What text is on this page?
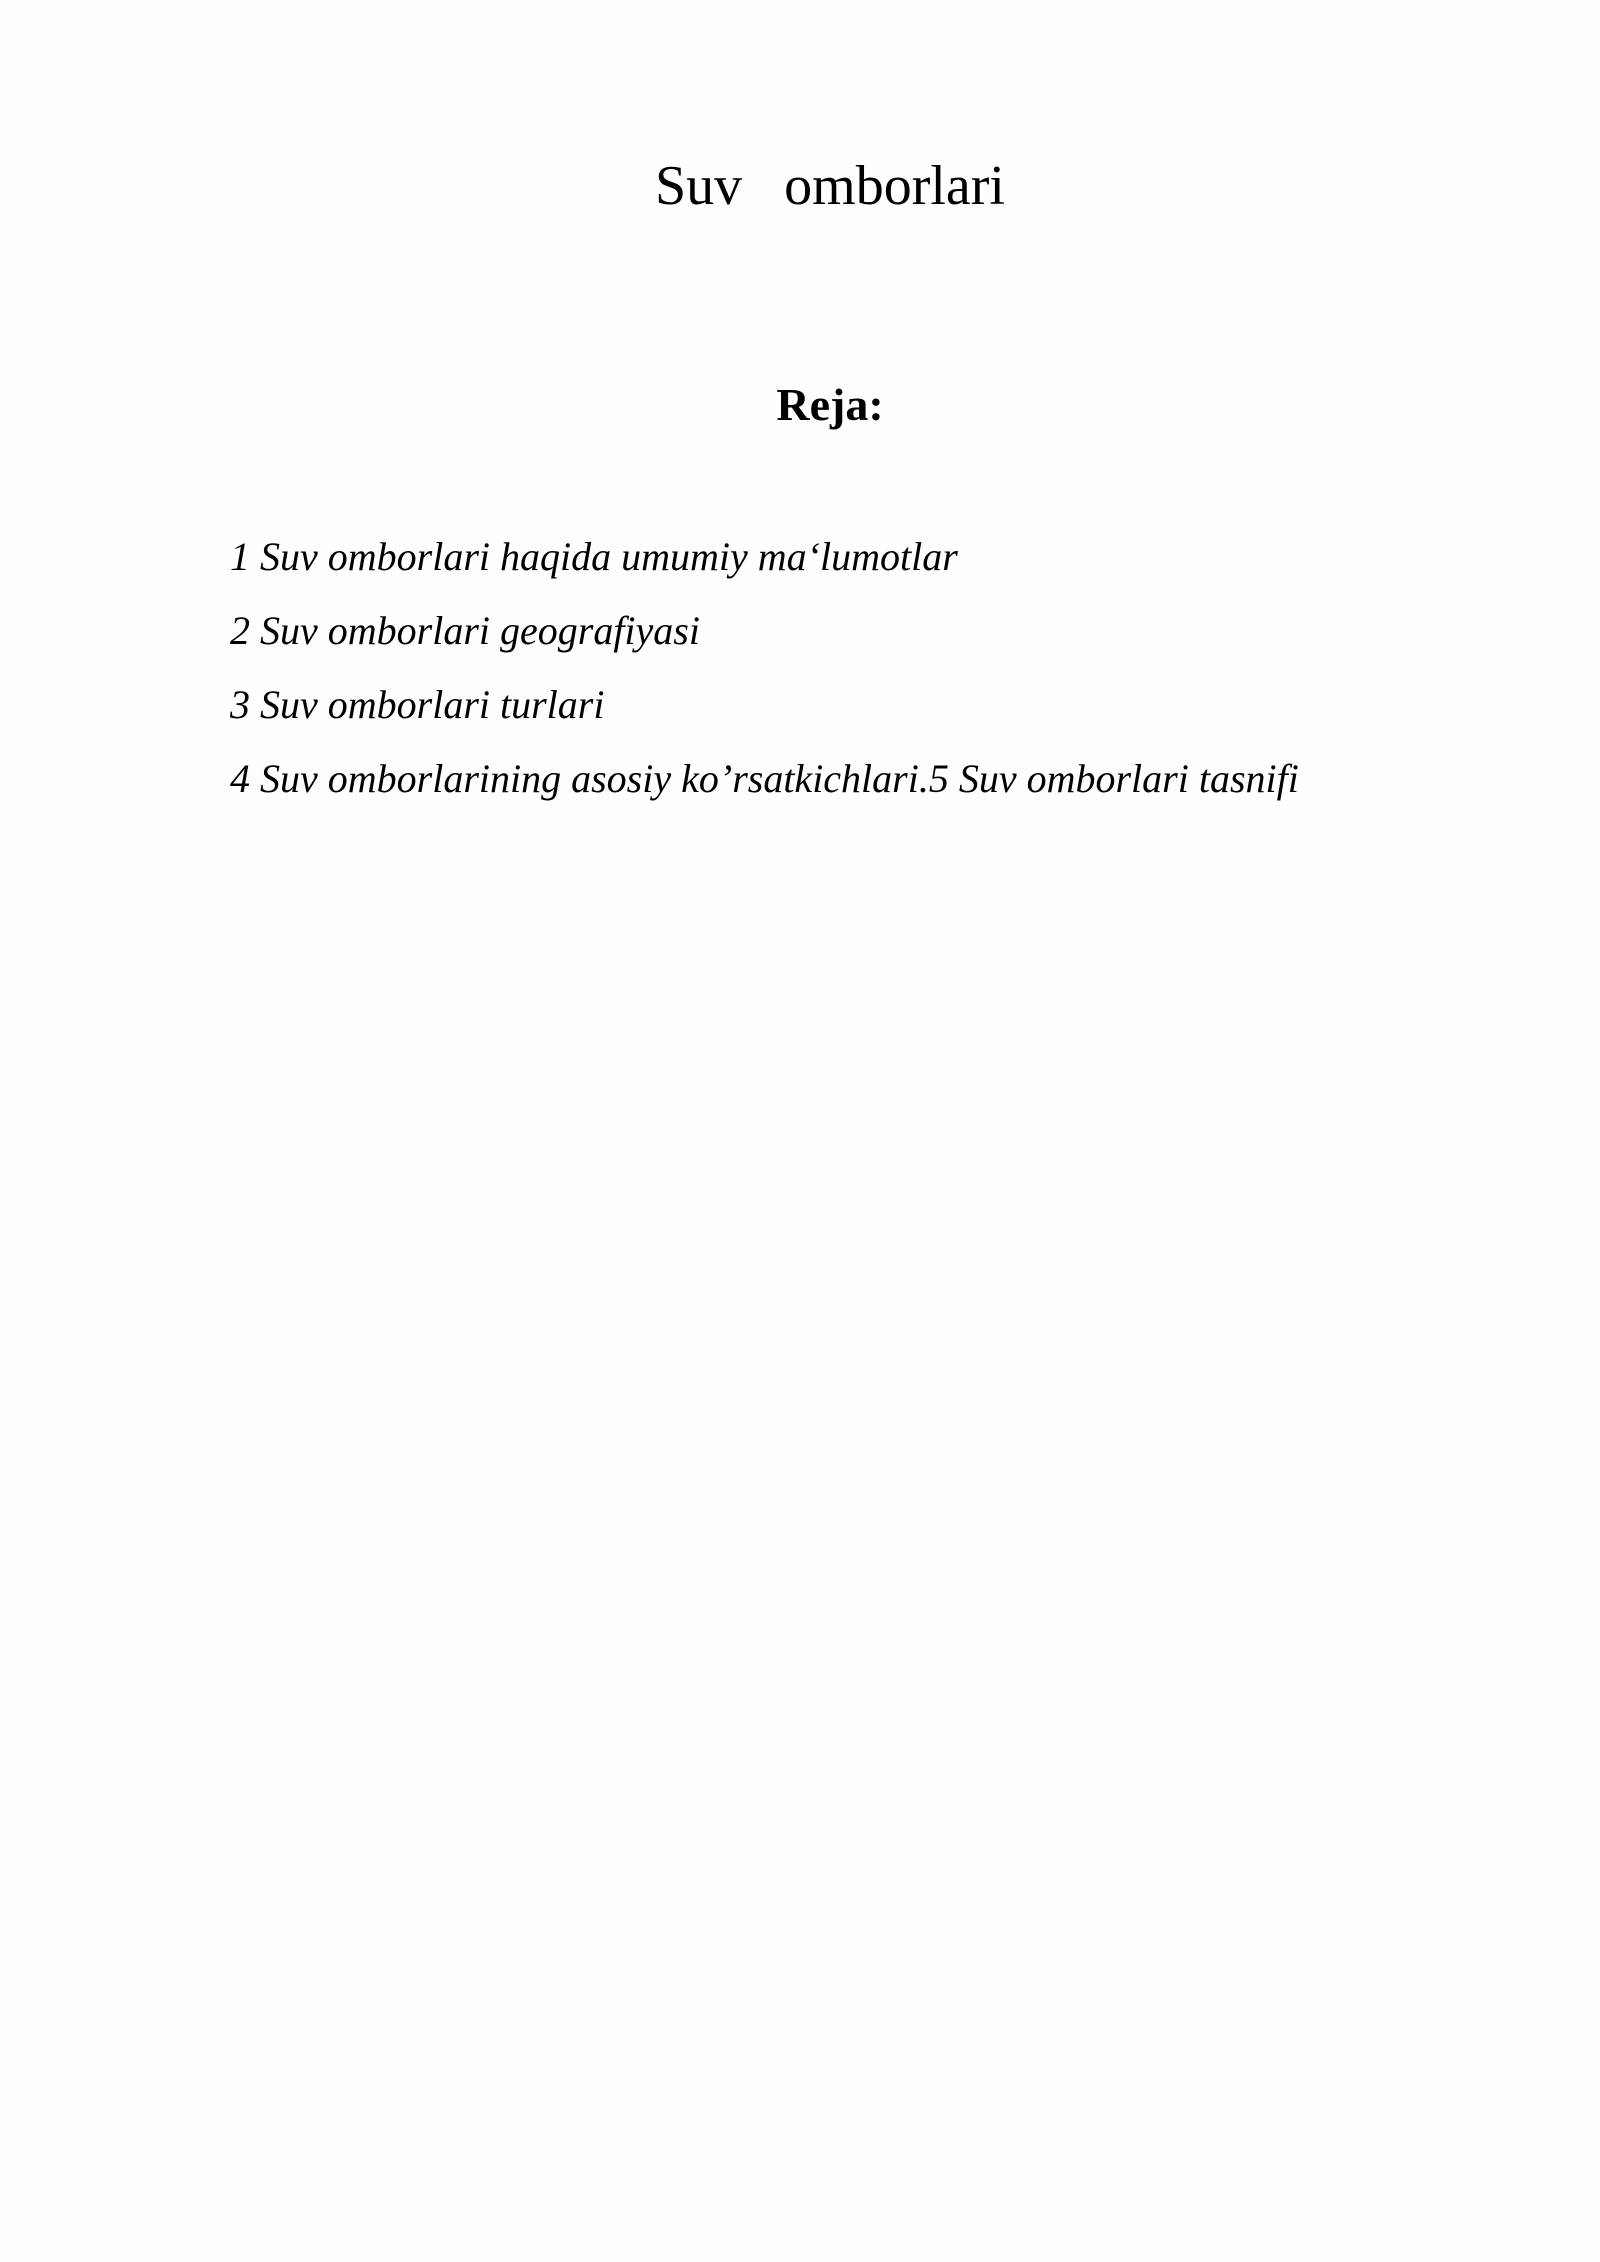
Suv   omborlari
Reja:
1 Suv omborlari haqida umumiy ma‘lumotlar
2 Suv omborlari geografiyasi
3 Suv omborlari turlari
4 Suv omborlarining asosiy ko’rsatkichlari.5 Suv omborlari tasnifi
